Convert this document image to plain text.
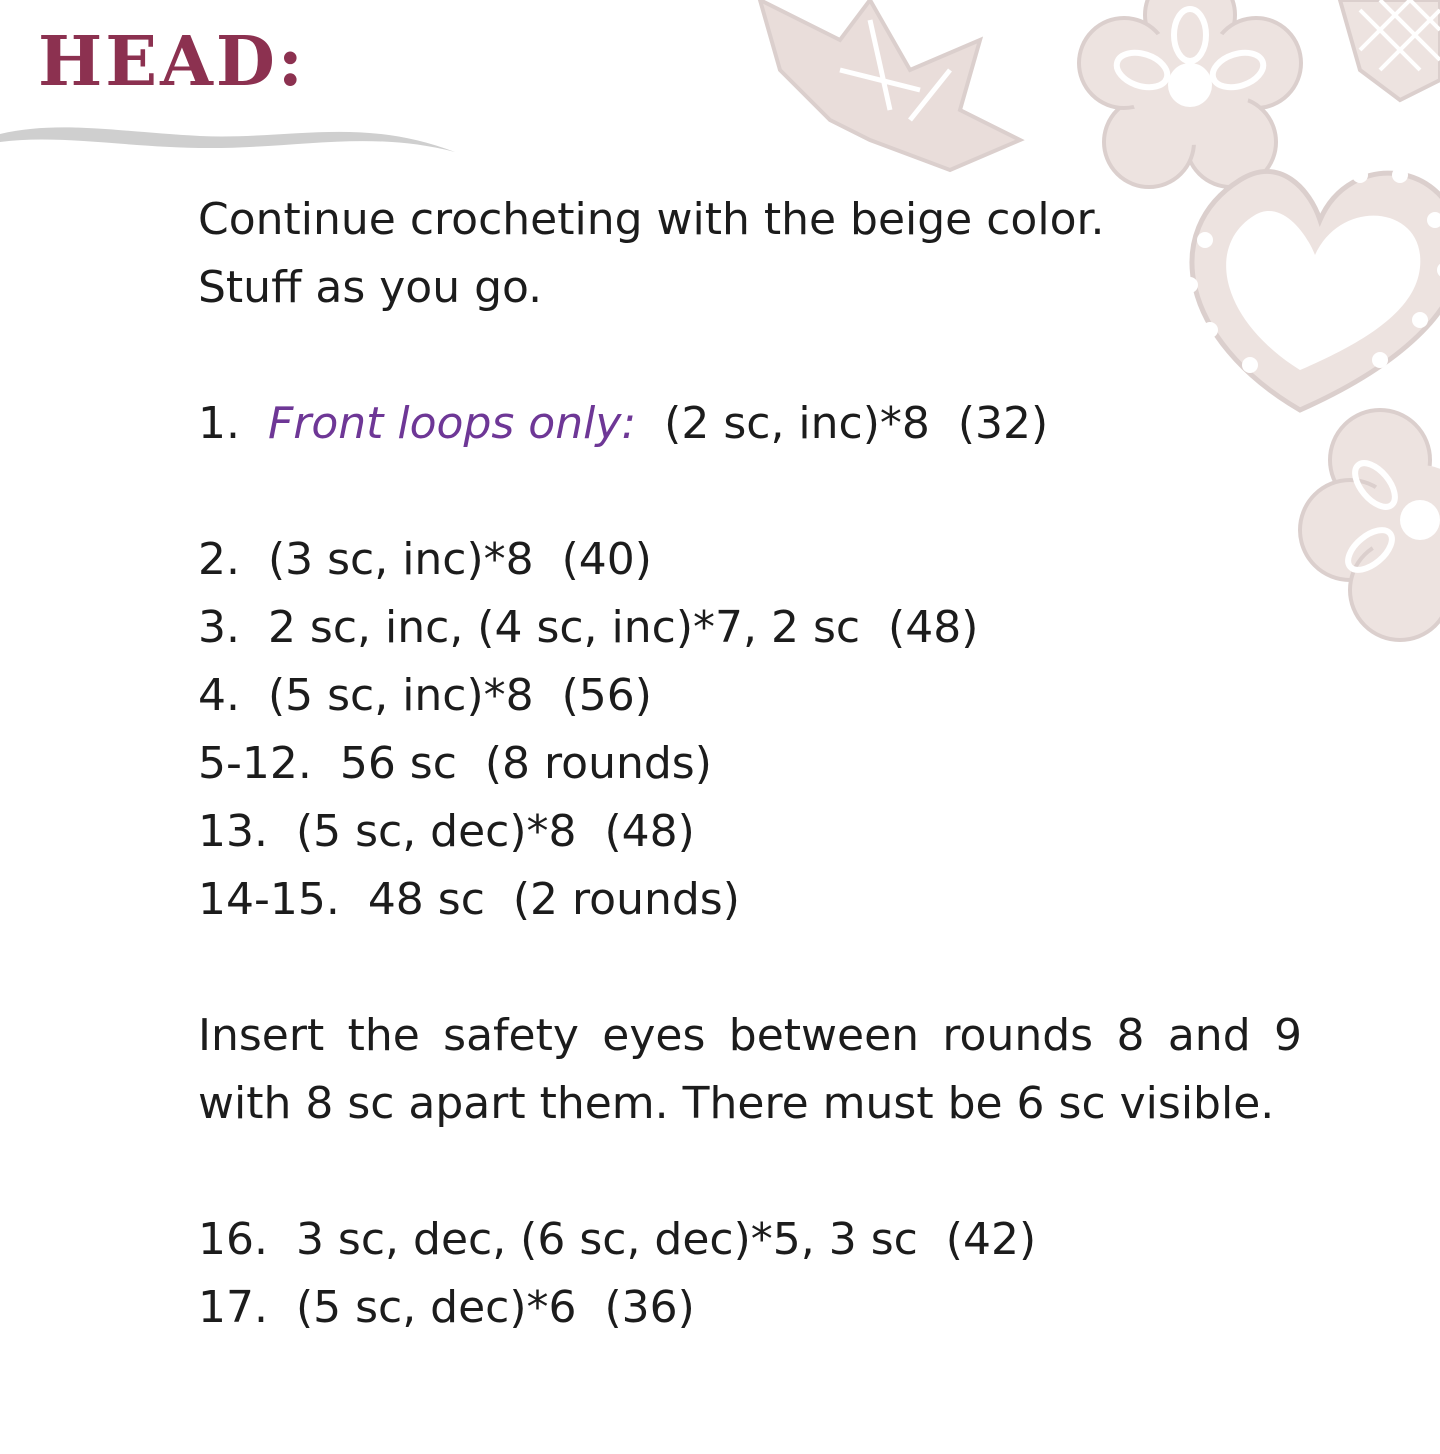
HEAD:
Continue crocheting with the beige color.
Stuff as you go.
1.  Front loops only:  (2 sc, inc)*8  (32)
2.  (3 sc, inc)*8  (40)
3.  2 sc, inc, (4 sc, inc)*7, 2 sc  (48)
4.  (5 sc, inc)*8  (56)
5-12.  56 sc  (8 rounds)
13.  (5 sc, dec)*8  (48)
14-15.  48 sc  (2 rounds)

Insert the safety eyes between rounds 8 and 9 with 8 sc apart them. There must be 6 sc visible.

16.  3 sc, dec, (6 sc, dec)*5, 3 sc  (42)
17.  (5 sc, dec)*6  (36)
